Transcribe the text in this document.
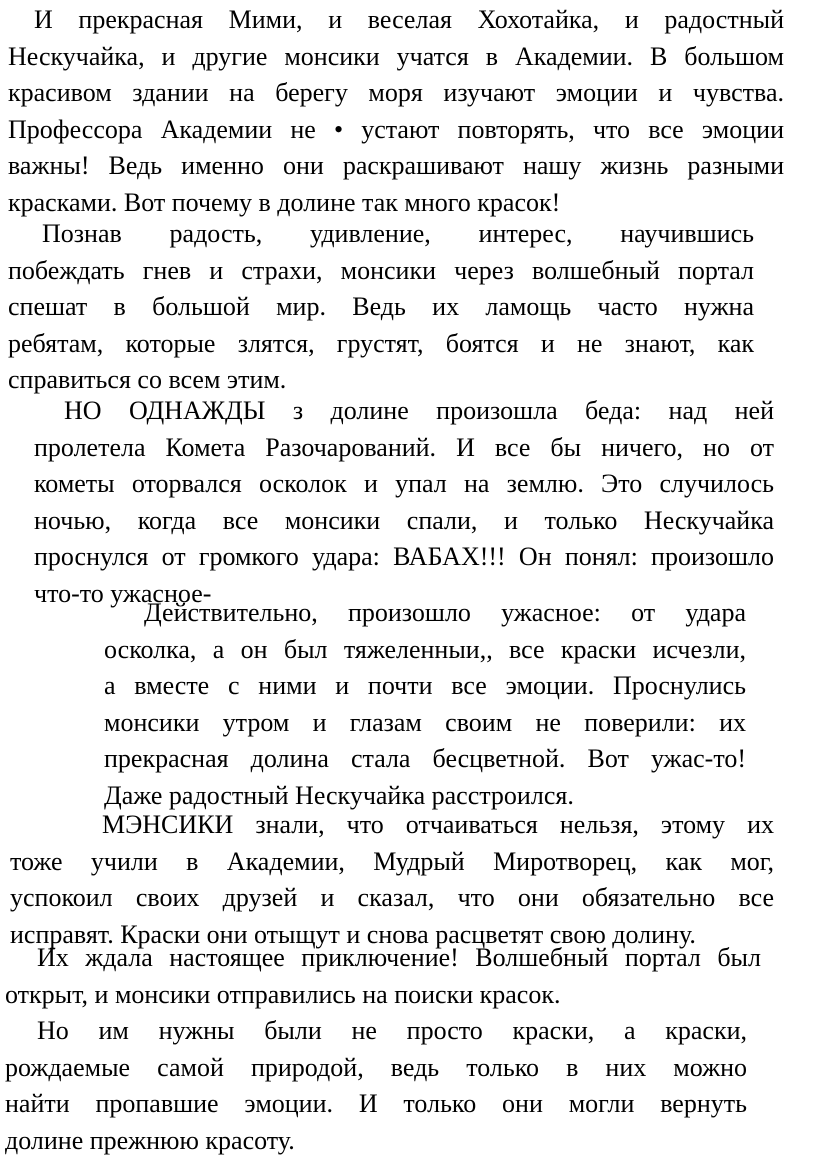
И прекрасная Мими, и веселая Хохотайка, и радостный
Нескучайка, и другие монсики учатся в Академии. В большом
красивом здании на берегу моря изучают эмоции и чувства.
Профессора Академии не • устают повторять, что все эмоции
важны! Ведь именно они раскрашивают нашу жизнь разными
красками. Вот почему в долине так много красок!

Познав радость, удивление, интерес, научившись
побеждать гнев и страхи, монсики через волшебный портал
спешат в большой мир. Ведь их ламощь часто нужна
ребятам, которые злятся, грустят, боятся и не знают, как
справиться со всем этим.

НО ОДНАЖДЫ з долине произошла беда: над ней
пролетела Комета Разочарований. И все бы ничего, но от
кометы оторвался осколок и упал на землю. Это случилось
ночью, когда все монсики спали, и только Нескучайка
проснулся от громкого удара: ВАБАХ!!! Он понял: произошло
что-то ужасное-

Действительно, произошло ужасное: от удара
осколка, а он был тяжеленныи,, все краски исчезли,
а вместе с ними и почти все эмоции. Проснулись
монсики утром и глазам своим не поверили: их
прекрасная долина стала бесцветной. Вот ужас-то!
Даже радостный Нескучайка расстроился.

МЭНСИКИ знали, что отчаиваться нельзя, этому их
тоже учили в Академии, Мудрый Миротворец, как мог,
успокоил своих друзей и сказал, что они обязательно все
исправят. Краски они отыщут и снова расцветят свою долину.

Их ждала настоящее приключение! Волшебный портал был
открыт, и монсики отправились на поиски красок.

Но им нужны были не просто краски, а краски,
рождаемые самой природой, ведь только в них можно
найти пропавшие эмоции. И только они могли вернуть
долине прежнюю красоту.
